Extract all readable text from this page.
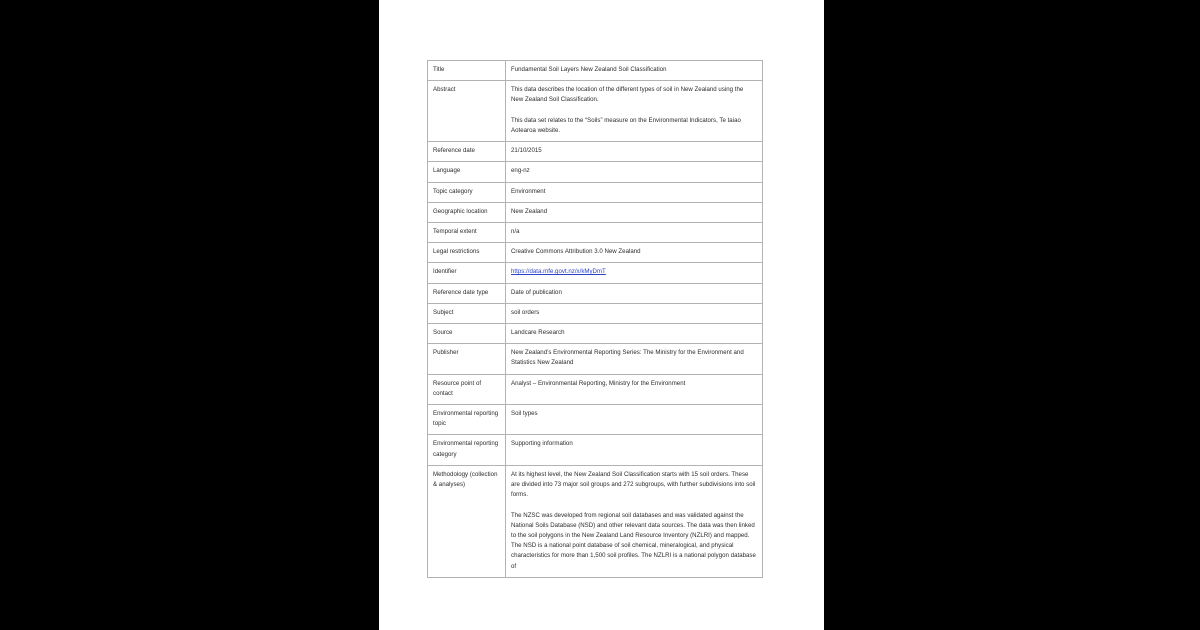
Title	Fundamental Soil Layers New Zealand Soil Classification

Abstract	This data describes the location of the different types of soil in New Zealand using the New Zealand Soil Classification.

This data set relates to the “Soils” measure on the Environmental Indicators, Te taiao Aotearoa website.

Reference date	21/10/2015

Language	eng-nz

Topic category	Environment

Geographic location	New Zealand

Temporal extent	n/a

Legal restrictions	Creative Commons Attribution 3.0 New Zealand

Identifier	https://data.mfe.govt.nz/x/kMyDmT

Reference date type	Date of publication

Subject	soil orders

Source	Landcare Research

Publisher	New Zealand’s Environmental Reporting Series: The Ministry for the Environment and Statistics New Zealand

Resource point of contact	Analyst – Environmental Reporting, Ministry for the Environment

Environmental reporting topic	Soil types

Environmental reporting category	Supporting information

Methodology (collection & analyses)	At its highest level, the New Zealand Soil Classification starts with 15 soil orders. These are divided into 73 major soil groups and 272 subgroups, with further subdivisions into soil forms.

The NZSC was developed from regional soil databases and was validated against the National Soils Database (NSD) and other relevant data sources. The data was then linked to the soil polygons in the New Zealand Land Resource Inventory (NZLRI) and mapped. The NSD is a national point database of soil chemical, mineralogical, and physical characteristics for more than 1,500 soil profiles. The NZLRI is a national polygon database of
